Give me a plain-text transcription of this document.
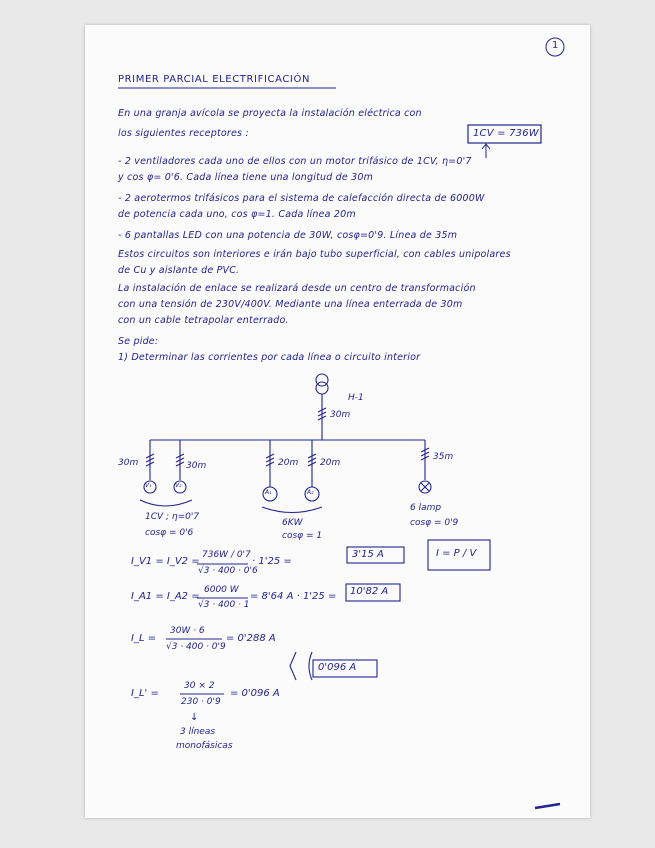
1
PRIMER PARCIAL ELECTRIFICACIÓN
En una granja avícola se proyecta la instalación eléctrica con
los siguientes receptores :	1CV = 736W
- 2 ventiladores cada uno de ellos con un motor trifásico de 1CV, η=0'7
y cos φ= 0'6. Cada línea tiene una longitud de 30m
- 2 aerotermos trifásicos para el sistema de calefacción directa de 6000W
de potencia cada uno, cos φ=1. Cada línea 20m
- 6 pantallas LED con una potencia de 30W, cosφ=0'9. Línea de 35m
Estos circuitos son interiores e irán bajo tubo superficial, con cables unipolares
de Cu y aislante de PVC.
La instalación de enlace se realizará desde un centro de transformación
con una tensión de 230V/400V. Mediante una línea enterrada de 30m
con un cable tetrapolar enterrado.
Se pide:
1) Determinar las corrientes por cada línea o circuito interior
30m
H-1
30m	30m	20m 20m
35m
V₁	V₂
A₁	A₂
1CV ; η=0'7
cosφ = 0'6
6KW
cosφ = 1
6 lamp
cosφ = 0'9
I_V1 = I_V2 =
736W / 0'7
√3 · 400 · 0'6
· 1'25 =
3'15 A	I = P / V
I_A1 = I_A2 =
6000 W
√3 · 400 · 1
= 8'64 A · 1'25 = 10'82 A
I_L =
30W · 6
√3 · 400 · 0'9
= 0'288 A
I_L' =
30 × 2
230 · 0'9
= 0'096 A
0'096 A
↓
3 líneas
monofásicas
